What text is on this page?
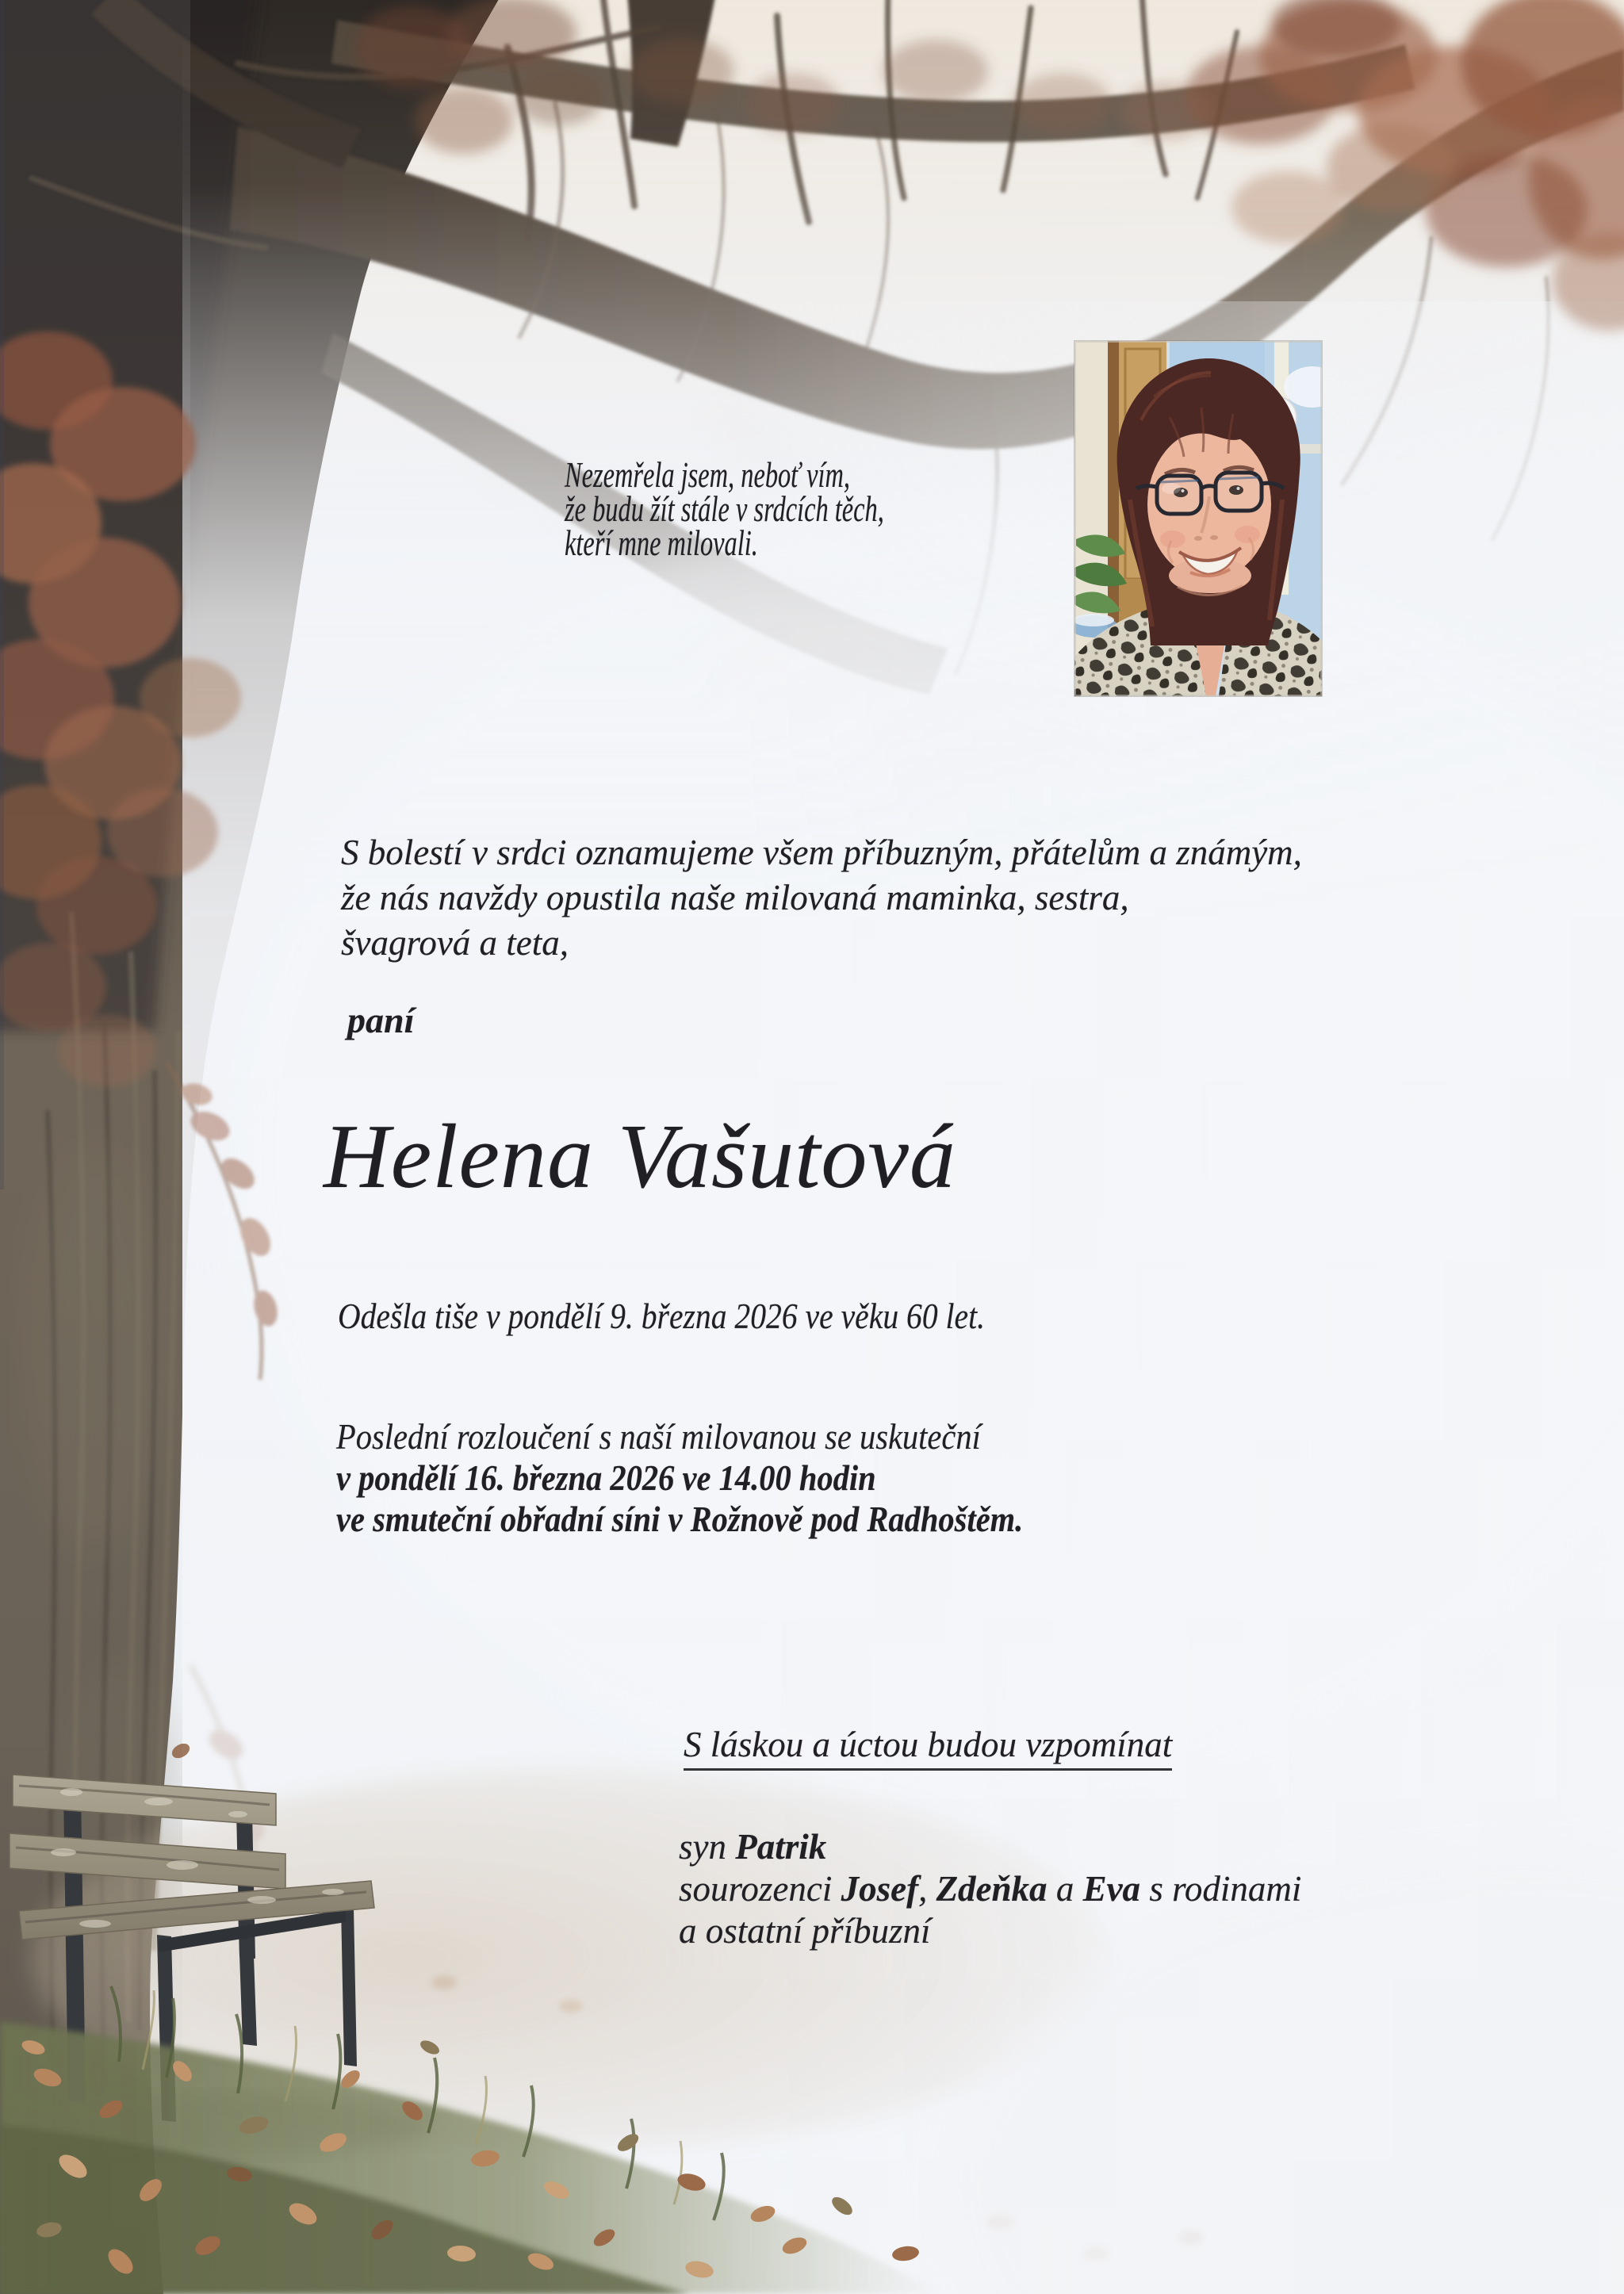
Nezemřela jsem, neboť vím,
že budu žít stále v srdcích těch,
kteří mne milovali.
S bolestí v srdci oznamujeme všem příbuzným, přátelům a známým,
že nás navždy opustila naše milovaná maminka, sestra,
švagrová a teta,
paní
Helena Vašutová
Odešla tiše v pondělí 9. března 2026 ve věku 60 let.
Poslední rozloučení s naší milovanou se uskuteční
v pondělí 16. března 2026 ve 14.00 hodin
ve smuteční obřadní síni v Rožnově pod Radhoštěm.
S láskou a úctou budou vzpomínat
syn Patrik
sourozenci Josef, Zdeňka a Eva s rodinami
a ostatní příbuzní
